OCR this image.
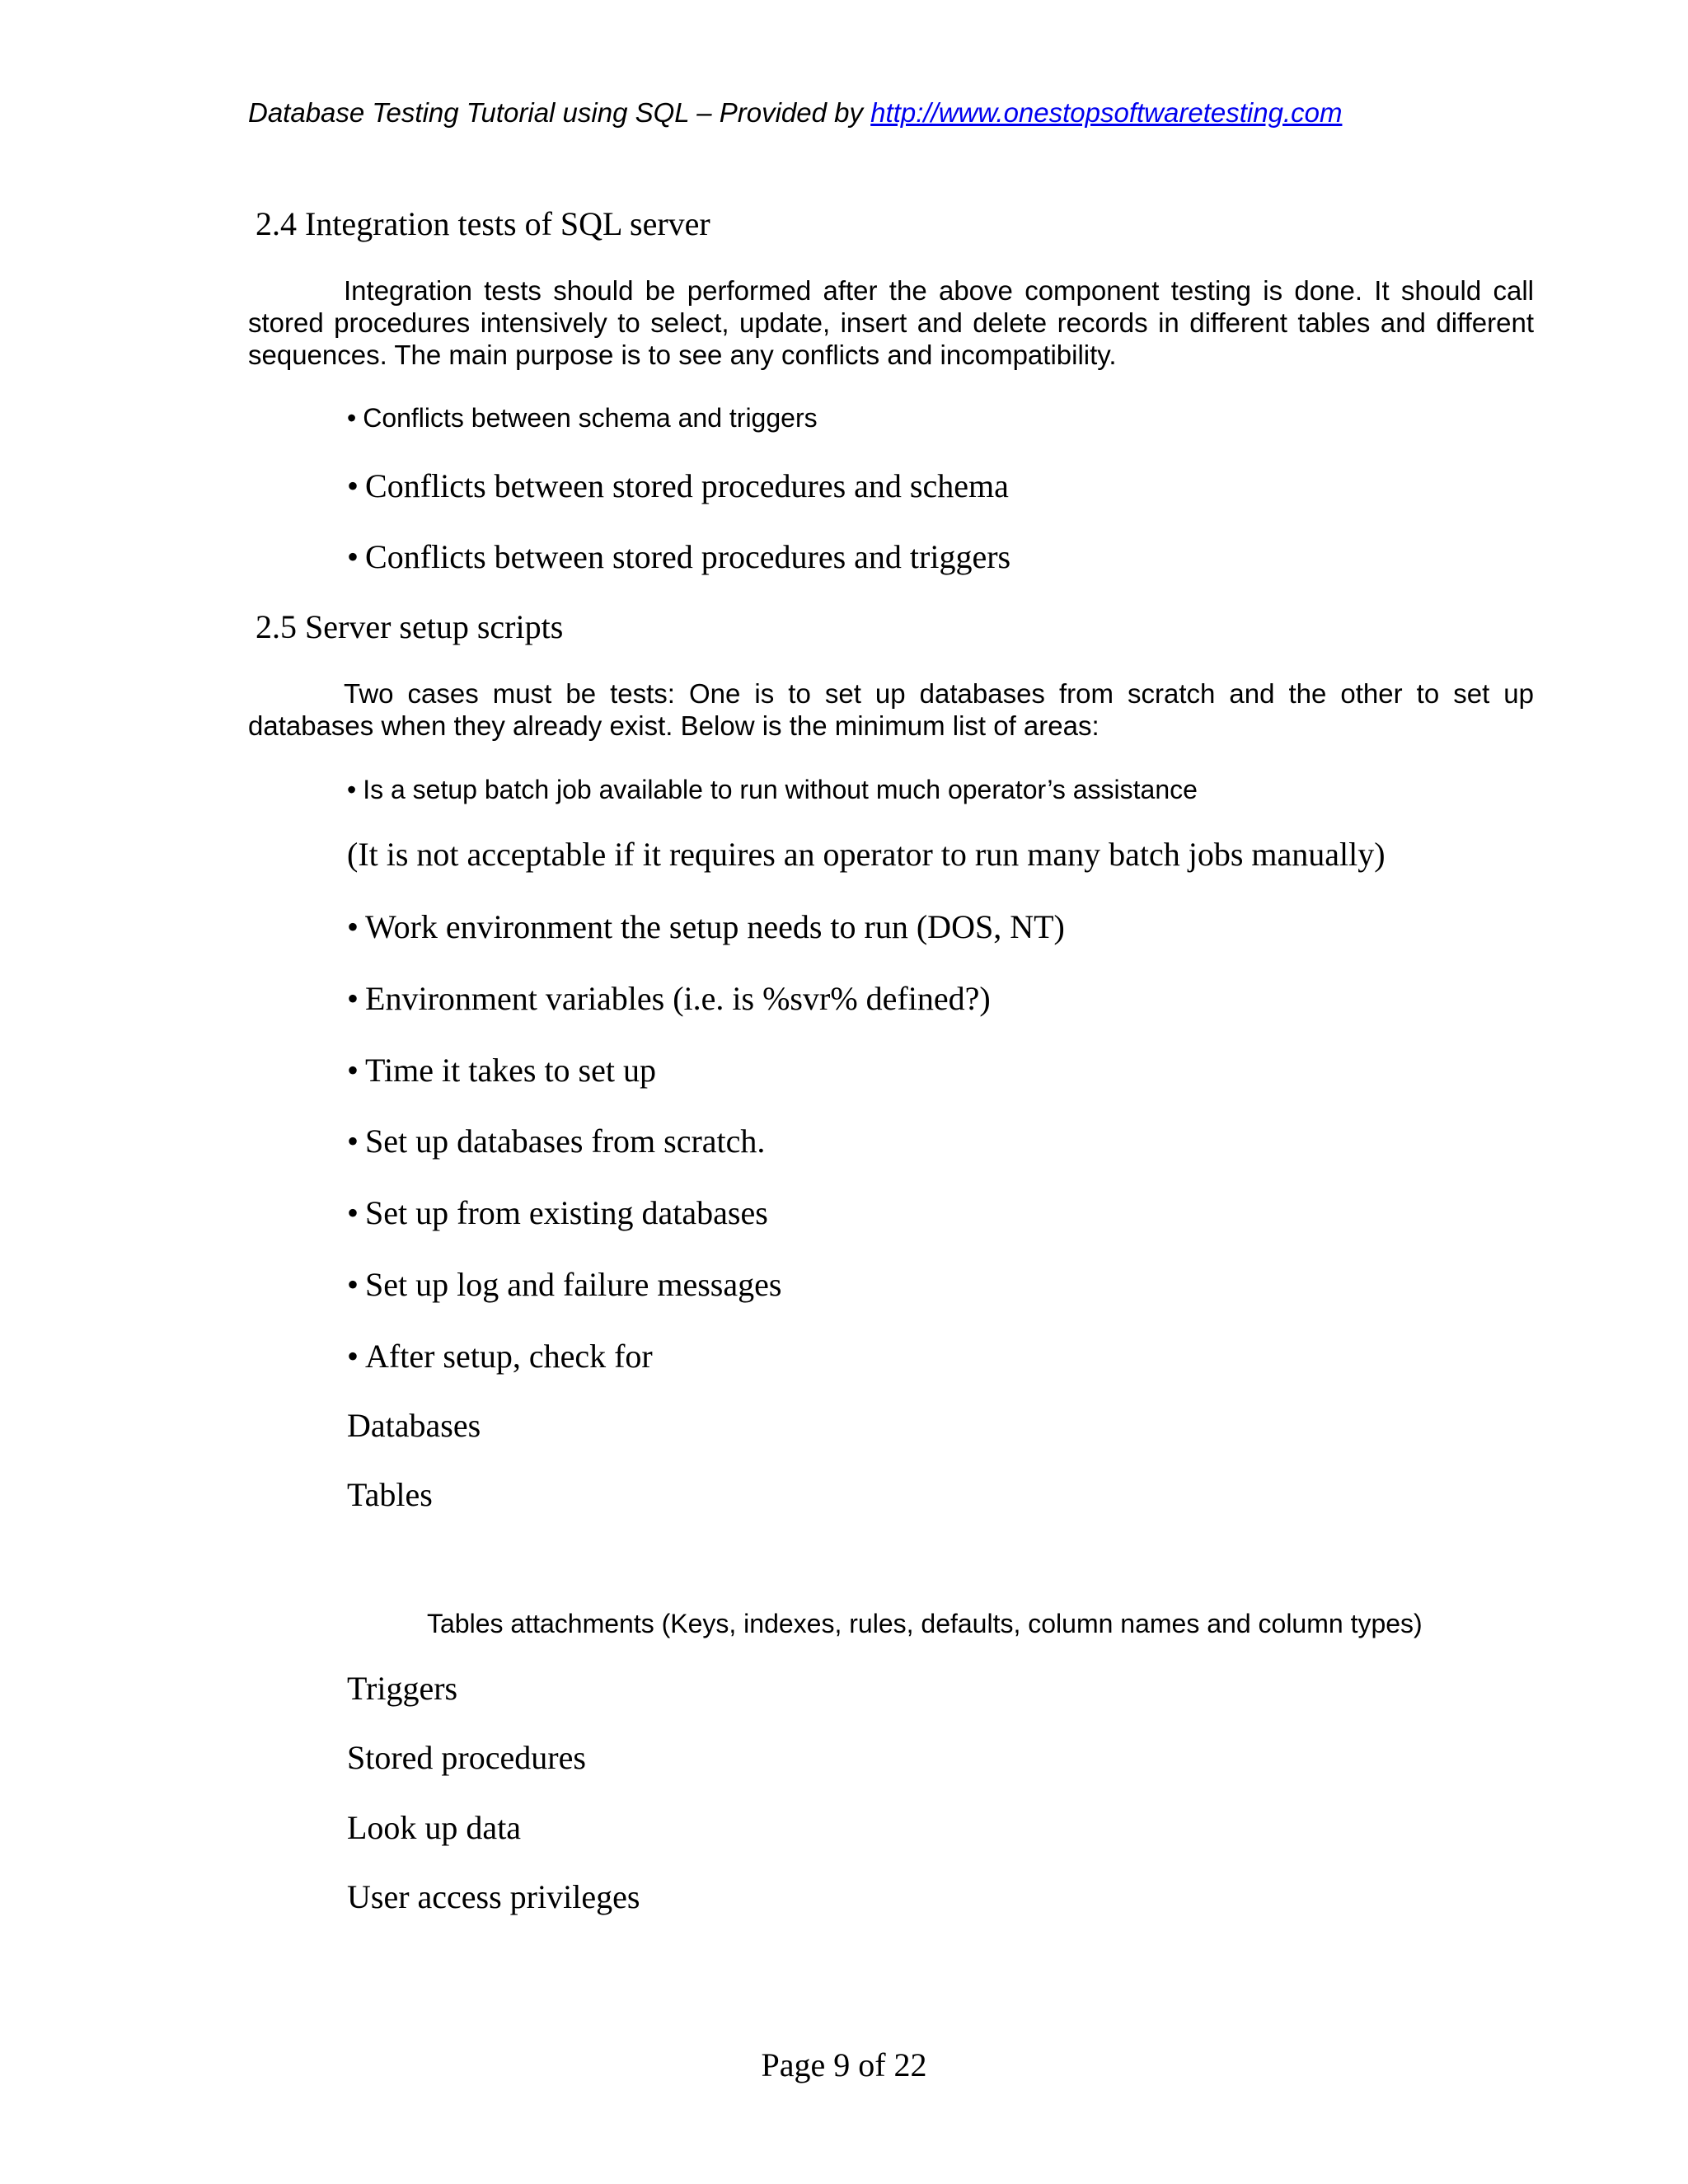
Database Testing Tutorial using SQL – Provided by http://www.onestopsoftwaretesting.com
2.4 Integration tests of SQL server
Integration tests should be performed after the above component testing is done. It should call stored procedures intensively to select, update, insert and delete records in different tables and different sequences. The main purpose is to see any conflicts and incompatibility.
• Conflicts between schema and triggers
• Conflicts between stored procedures and schema
• Conflicts between stored procedures and triggers
2.5 Server setup scripts
Two cases must be tests: One is to set up databases from scratch and the other to set up databases when they already exist. Below is the minimum list of areas:
• Is a setup batch job available to run without much operator’s assistance
(It is not acceptable if it requires an operator to run many batch jobs manually)
• Work environment the setup needs to run (DOS, NT)
• Environment variables (i.e. is %svr% defined?)
• Time it takes to set up
• Set up databases from scratch.
• Set up from existing databases
• Set up log and failure messages
• After setup, check for
Databases
Tables
Tables attachments (Keys, indexes, rules, defaults, column names and column types)
Triggers
Stored procedures
Look up data
User access privileges
Page 9 of 22
